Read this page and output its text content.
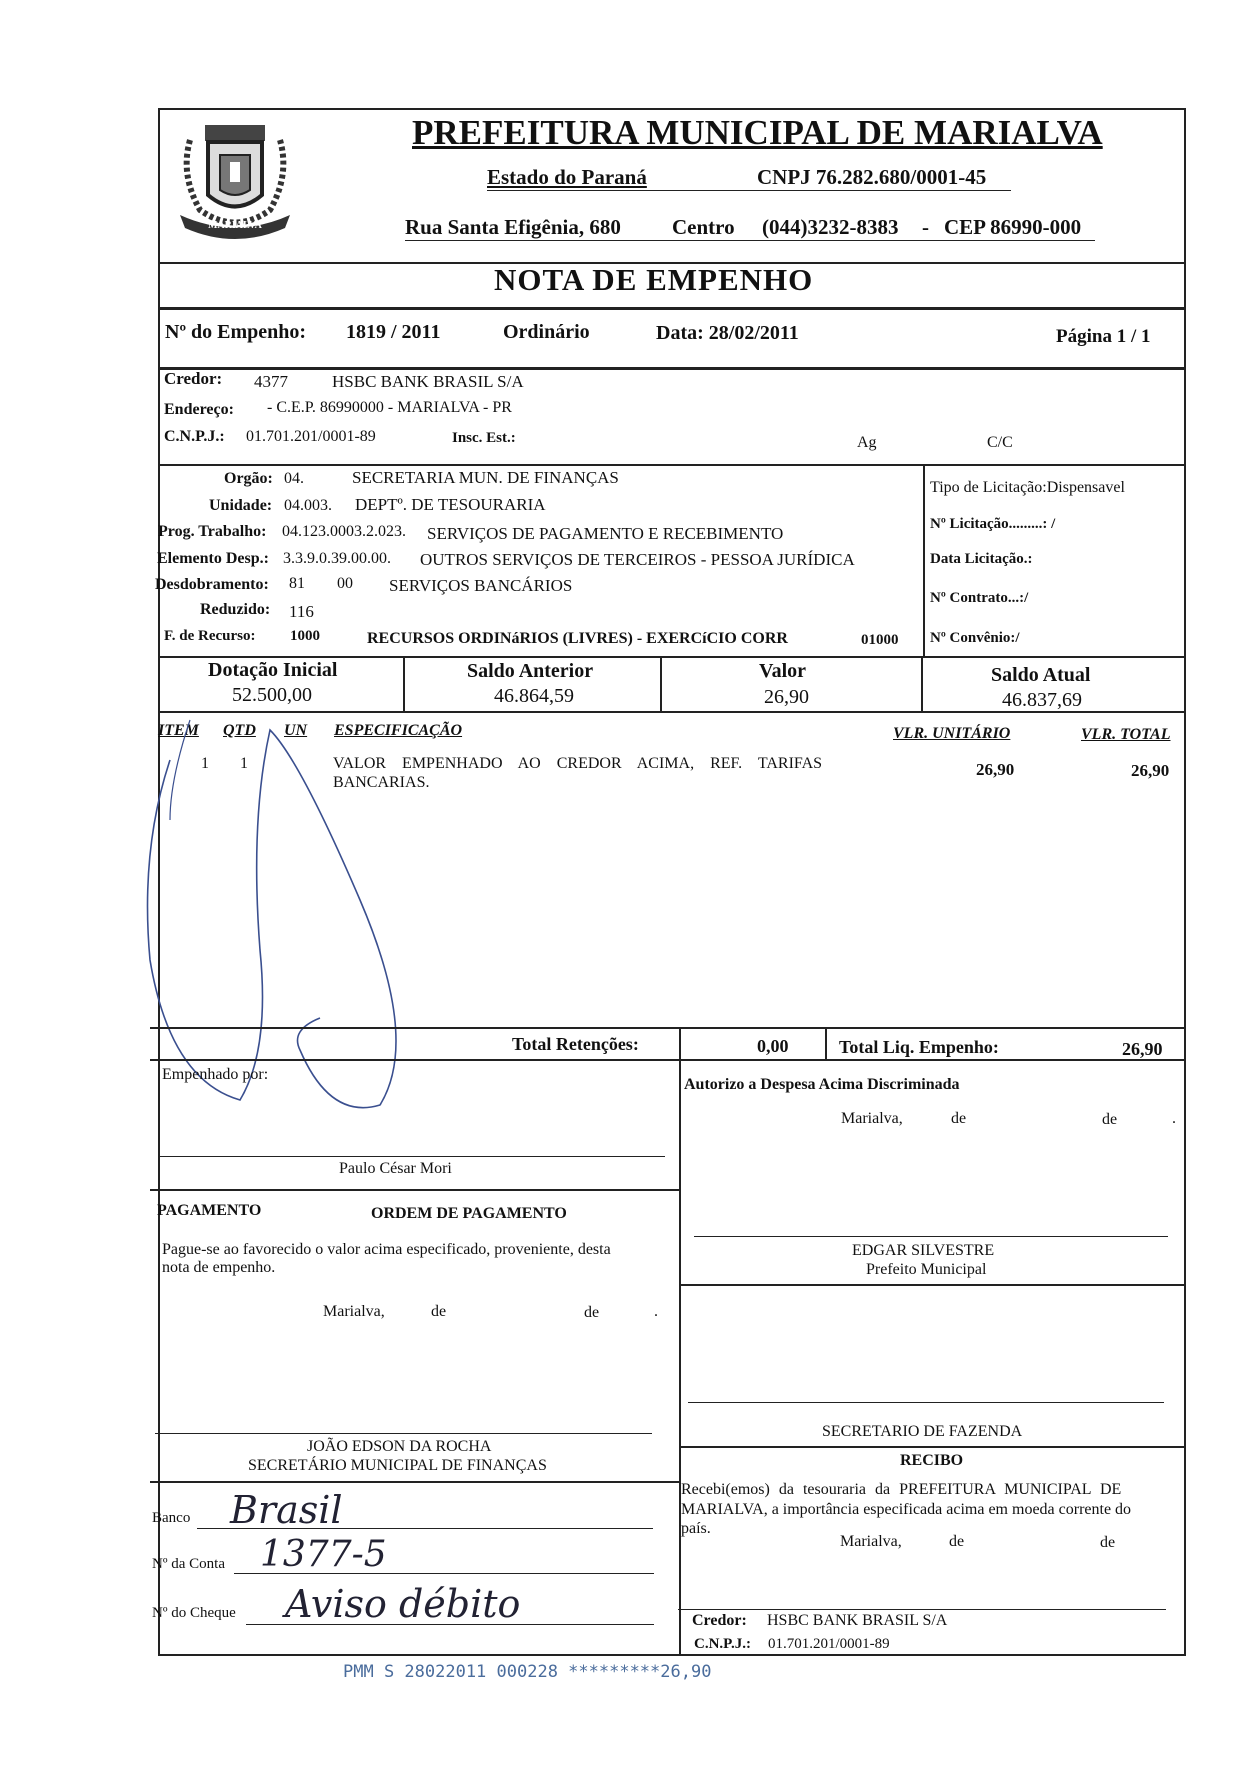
MARIALVA
PREFEITURA MUNICIPAL DE MARIALVA
Estado do Paraná	CNPJ 76.282.680/0001-45
Rua Santa Efigênia, 680 Centro (044)3232-8383 - CEP 86990-000
NOTA DE EMPENHO
Nº do Empenho: 1819 / 2011	Ordinário	Data: 28/02/2011	Página 1 / 1
Credor: 4377	HSBC BANK BRASIL S/A
Endereço: - C.E.P. 86990000 - MARIALVA - PR
C.N.P.J.: 01.701.201/0001-89	Insc. Est.:	Ag	C/C
Orgão: 04.	SECRETARIA MUN. DE FINANÇAS
Unidade: 04.003. DEPTº. DE TESOURARIA
Prog. Trabalho: 04.123.0003.2.023. SERVIÇOS DE PAGAMENTO E RECEBIMENTO
Elemento Desp.: 3.3.9.0.39.00.00. OUTROS SERVIÇOS DE TERCEIROS - PESSOA JURÍDICA
Desdobramento: 81 00 SERVIÇOS BANCÁRIOS
Reduzido: 116
F. de Recurso: 1000	RECURSOS ORDINáRIOS (LIVRES) - EXERCíCIO CORR	01000
Tipo de Licitação:Dispensavel
Nº Licitação.........: /
Data Licitação.:
Nº Contrato...:/
Nº Convênio:/
Dotação Inicial
52.500,00
Saldo Anterior
46.864,59
Valor
26,90
Saldo Atual
46.837,69
ITEM QTD UN ESPECIFICAÇÃO	VLR. UNITÁRIO	VLR. TOTAL
1 1	VALOR EMPENHADO AO CREDOR ACIMA, REF. TARIFAS
BANCARIAS.
26,90	26,90
Total Retenções:	0,00	Total Liq. Empenho:	26,90
Empenhado por:
Paulo César Mori
Autorizo a Despesa Acima Discriminada
Marialva,	de	de	.
EDGAR SILVESTRE
Prefeito Municipal
PAGAMENTO	ORDEM DE PAGAMENTO
Pague-se ao favorecido o valor acima especificado, proveniente, desta
nota de empenho.
Marialva,	de	de	.
JOÃO EDSON DA ROCHA
SECRETÁRIO MUNICIPAL DE FINANÇAS
Banco Brasil
Nº da Conta 1377-5
Nº do Cheque Aviso débito
SECRETARIO DE FAZENDA
RECIBO
Recebi(emos) da tesouraria da PREFEITURA MUNICIPAL DE
MARIALVA, a importância especificada acima em moeda corrente do
país.
Marialva,	de	de
Credor: HSBC BANK BRASIL S/A
C.N.P.J.: 01.701.201/0001-89
PMM S 28022011 000228 *********26,90
